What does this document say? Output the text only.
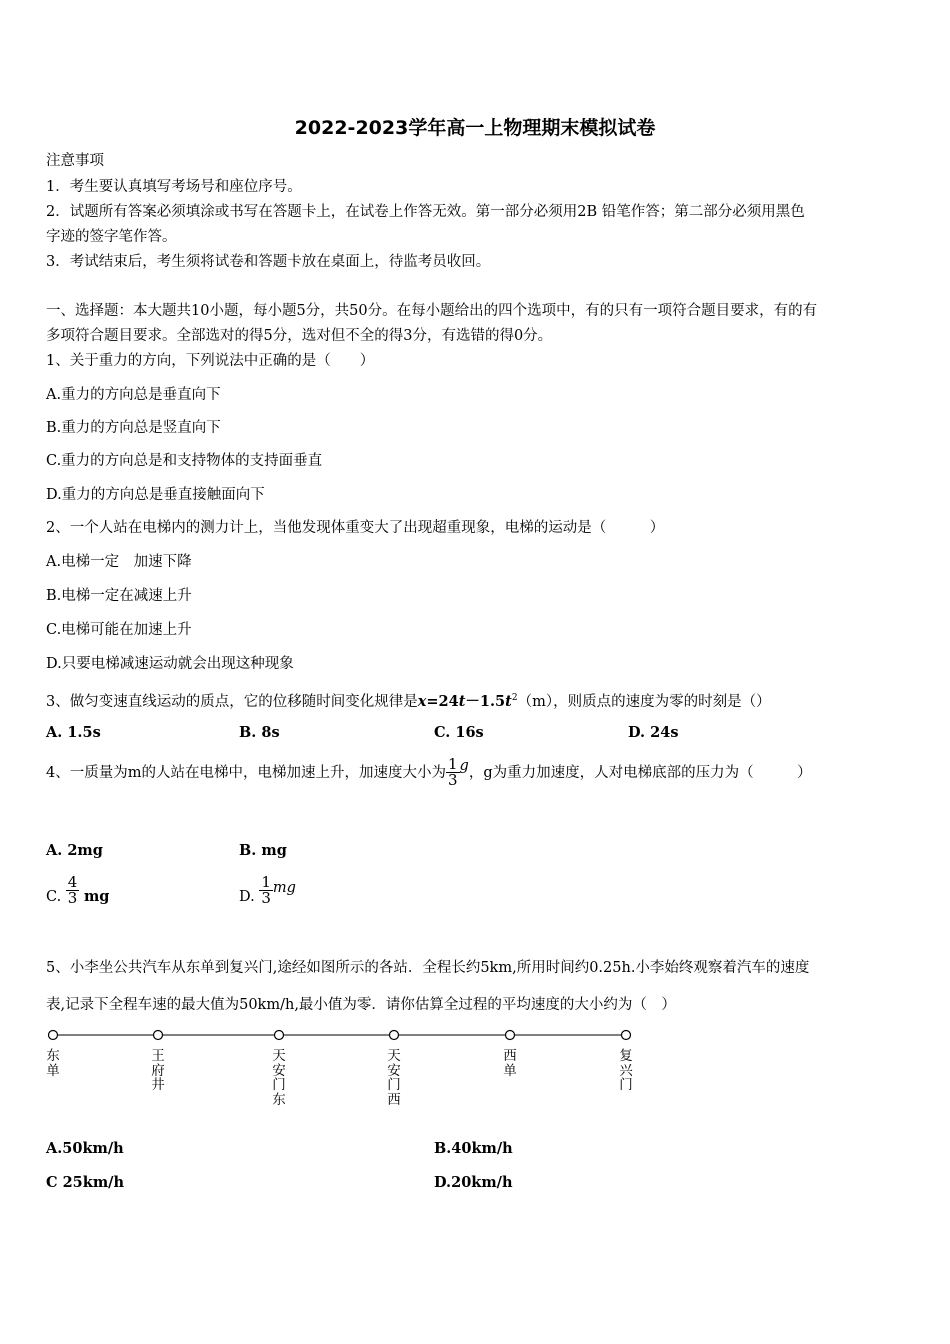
2022-2023学年高一上物理期末模拟试卷
注意事项
1．考生要认真填写考场号和座位序号。
2．试题所有答案必须填涂或书写在答题卡上，在试卷上作答无效。第一部分必须用2B 铅笔作答；第二部分必须用黑色
字迹的签字笔作答。
3．考试结束后，考生须将试卷和答题卡放在桌面上，待监考员收回。
一、选择题：本大题共10小题，每小题5分，共50分。在每小题给出的四个选项中，有的只有一项符合题目要求，有的有
多项符合题目要求。全部选对的得5分，选对但不全的得3分，有选错的得0分。
1、关于重力的方向，下列说法中正确的是（　　）
A.重力的方向总是垂直向下
B.重力的方向总是竖直向下
C.重力的方向总是和支持物体的支持面垂直
D.重力的方向总是垂直接触面向下
2、一个人站在电梯内的测力计上，当他发现体重变大了出现超重现象，电梯的运动是（　　　）
A.电梯一定　加速下降
B.电梯一定在减速上升
C.电梯可能在加速上升
D.只要电梯减速运动就会出现这种现象
3、做匀变速直线运动的质点，它的位移随时间变化规律是$x=24t-1.5t^2(m)$，则质点的速度为零的时刻是（）
A. 1.5s	B. 8s	C. 16s	D. 24s
4、一质量为m的人站在电梯中，电梯加速上升，加速度大小为 $\frac{1}{3}$ g，g为重力加速度，人对电梯底部的压力为（　　　）
A. 2mg	B. mg
C. $\frac{4}{3}$ mg	D. $\frac{1}{3}$ mg
5、小李坐公共汽车从东单到复兴门,途经如图所示的各站．全程长约5km,所用时间约0.25h.小李始终观察着汽车的速度
表,记录下全程车速的最大值为50km/h,最小值为零．请你估算全过程的平均速度的大小约为（　）
东单
王府井
天安门东
天安门西
西单
复兴门
A.50km/h	B.40km/h
C 25km/h	D.20km/h
